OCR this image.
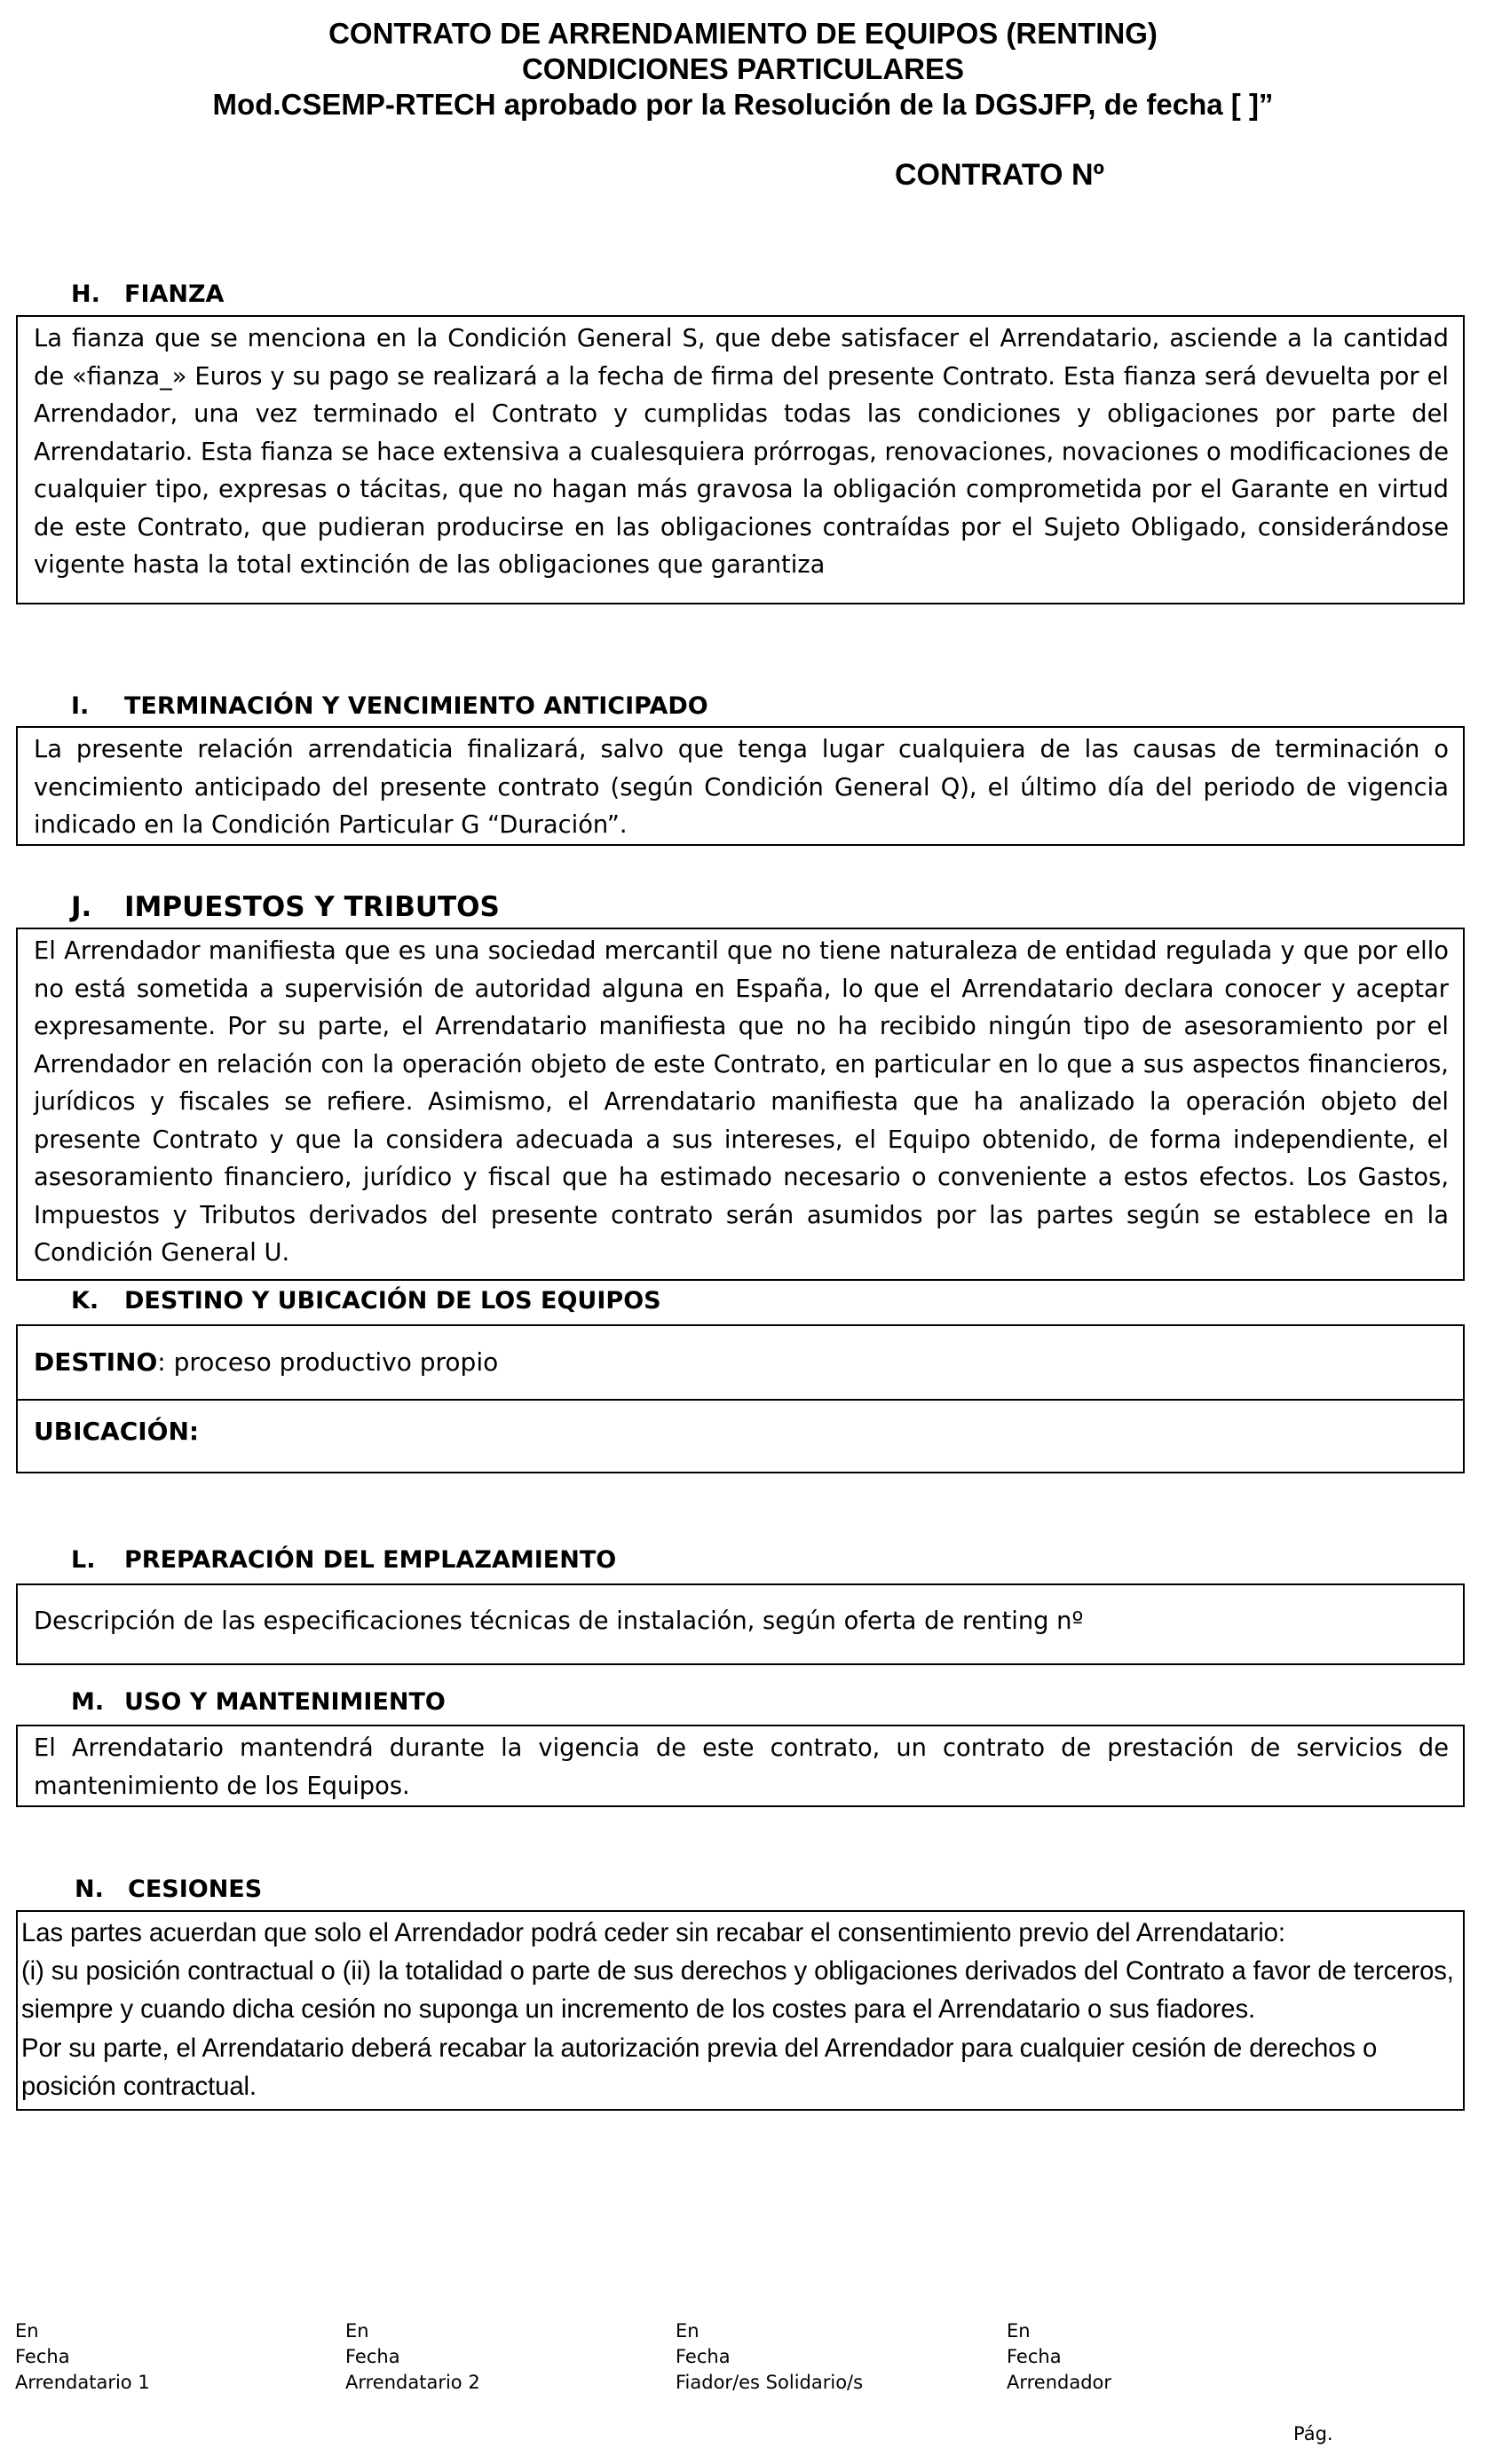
CONTRATO DE ARRENDAMIENTO DE EQUIPOS (RENTING)
CONDICIONES PARTICULARES
Mod.CSEMP-RTECH aprobado por la Resolución de la DGSJFP, de fecha [ ]”
CONTRATO Nº
H. FIANZA

La fianza que se menciona en la Condición General S, que debe satisfacer el Arrendatario, asciende a la cantidad de «fianza_» Euros y su pago se realizará a la fecha de firma del presente Contrato. Esta fianza será devuelta por el Arrendador, una vez terminado el Contrato y cumplidas todas las condiciones y obligaciones por parte del Arrendatario. Esta fianza se hace extensiva a cualesquiera prórrogas, renovaciones, novaciones o modificaciones de cualquier tipo, expresas o tácitas, que no hagan más gravosa la obligación comprometida por el Garante en virtud de este Contrato, que pudieran producirse en las obligaciones contraídas por el Sujeto Obligado, considerándose vigente hasta la total extinción de las obligaciones que garantiza

I. TERMINACIÓN Y VENCIMIENTO ANTICIPADO

La presente relación arrendaticia finalizará, salvo que tenga lugar cualquiera de las causas de terminación o vencimiento anticipado del presente contrato (según Condición General Q), el último día del periodo de vigencia indicado en la Condición Particular G “Duración”.

J. IMPUESTOS Y TRIBUTOS

El Arrendador manifiesta que es una sociedad mercantil que no tiene naturaleza de entidad regulada y que por ello no está sometida a supervisión de autoridad alguna en España, lo que el Arrendatario declara conocer y aceptar expresamente. Por su parte, el Arrendatario manifiesta que no ha recibido ningún tipo de asesoramiento por el Arrendador en relación con la operación objeto de este Contrato, en particular en lo que a sus aspectos financieros, jurídicos y fiscales se refiere. Asimismo, el Arrendatario manifiesta que ha analizado la operación objeto del presente Contrato y que la considera adecuada a sus intereses, el Equipo obtenido, de forma independiente, el asesoramiento financiero, jurídico y fiscal que ha estimado necesario o conveniente a estos efectos. Los Gastos, Impuestos y Tributos derivados del presente contrato serán asumidos por las partes según se establece en la Condición General U.

K. DESTINO Y UBICACIÓN DE LOS EQUIPOS
DESTINO: proceso productivo propio
UBICACIÓN:
L. PREPARACIÓN DEL EMPLAZAMIENTO

Descripción de las especificaciones técnicas de instalación, según oferta de renting nº

M. USO Y MANTENIMIENTO

El Arrendatario mantendrá durante la vigencia de este contrato, un contrato de prestación de servicios de mantenimiento de los Equipos.

N. CESIONES

Las partes acuerdan que solo el Arrendador podrá ceder sin recabar el consentimiento previo del Arrendatario:

(i) su posición contractual o (ii) la totalidad o parte de sus derechos y obligaciones derivados del Contrato a favor de terceros, siempre y cuando dicha cesión no suponga un incremento de los costes para el Arrendatario o sus fiadores.

Por su parte, el Arrendatario deberá recabar la autorización previa del Arrendador para cualquier cesión de derechos o posición contractual.

En
Fecha
Arrendatario 1
En
Fecha
Arrendatario 2
En
Fecha
Fiador/es Solidario/s
En
Fecha
Arrendador
Pág.
